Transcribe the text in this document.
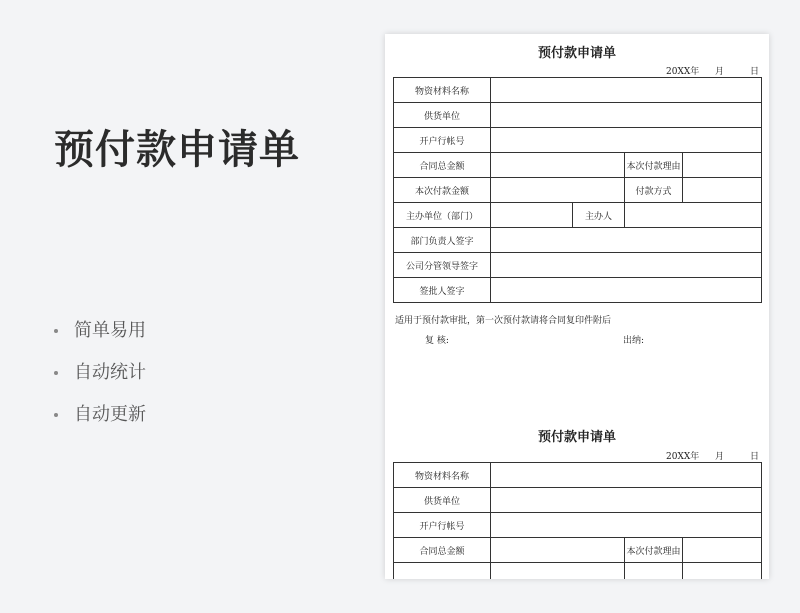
预付款申请单
简单易用
自动统计
自动更新
预付款申请单
20XX年 月	日
物资材料名称				
供货单位				
开户行帐号				
合同总金额			本次付款理由	
本次付款金额			付款方式	
主办单位（部门）		主办人		
部门负责人签字				
公司分管领导签字				
签批人签字				
适用于预付款审批，第一次预付款请将合同复印件附后
复 核:	出纳:
预付款申请单
20XX年 月	日
物资材料名称			
供货单位			
开户行帐号			
合同总金额		本次付款理由	
